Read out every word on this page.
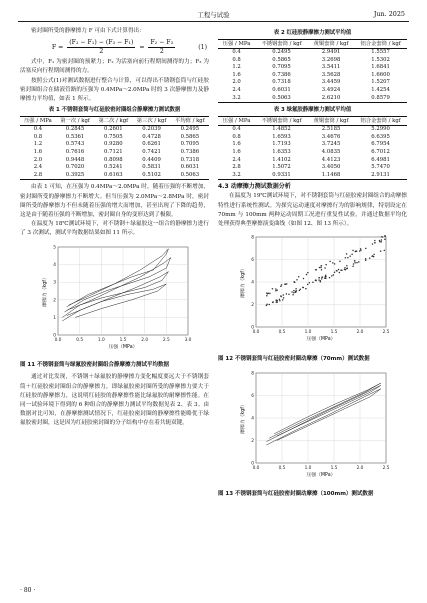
工程与试验	Jun. 2025

密封圈所受的静摩擦力 F 可由下式计算得出：

$F = \frac{\text{(F₂ − F₁) − (F₃ − F₁)}}{2} = \frac{\text{F₂ − F₃}}{2}$	(1)

式中，F₁ 为密封圈的预紧力；F₂ 为活塞向前行程期间测得的力；F₃ 为活塞反向行程期间测得的力。

按照公式(1)对测试数据进行整合与计算，可以得出不锈钢套筒与红硅胶密封圈组合在储液管路的压强为 0.4MPa～2.0MPa 时的 3 次静摩擦力及静摩擦力平均值，如表 1 所示。

表 1 不锈钢套筒与红硅胶密封圈组合静摩擦力测试数据
压强 / MPa	第一次 / kgf	第二次 / kgf	第三次 / kgf	平均值 / kgf
0.4	0.2845	0.2601	0.2039	0.2495
0.8	0.5361	0.7505	0.4728	0.5865
1.2	0.5743	0.9280	0.6261	0.7095
1.6	0.7616	0.7121	0.7421	0.7386
2.0	0.9448	0.8098	0.4409	0.7318
2.4	0.7020	0.5241	0.5831	0.6031
2.8	0.3925	0.6163	0.5102	0.5063

由表 1 可知，在压强为 0.4MPa～2.0MPa 时，随着压强的不断增加，密封圈所受的静摩擦力不断增大。但当压强为 2.0MPa～2.8MPa 时，密封圈所受的静摩擦力不但未随着压强的增大而增加，甚至出现了下降的趋势，这是由于随着压强的不断增加，密封圈自身的变形达到了极限。

在温度为 18℃测试环境下，对不锈钢＋绿氟胶这一组合的静摩擦力进行了 3 次测试，测试平均数据结果如图 11 所示。

0.0	0.5	1.0	1.5	2.0	2.5	3.0
0
1
2
3
4
5
压强（MPa）
摩擦力（kgf）
图 11 不锈钢套筒与绿氟胶密封圈组合静摩擦力测试平均数据

通过对比发现，不锈钢＋绿氟胶的静摩擦力变化幅度要远大于不锈钢套筒＋红硅胶密封圈组合的静摩擦力，即绿氟胶密封圈所受的静摩擦力要大于红硅胶的静摩擦力，这说明红硅胶的静摩擦性能比绿氟胶的耐摩擦性能。在同一试验环境下得到的 6 种组合的静摩擦力测试平均数据见表 2、表 3。由数据对比可知，在静摩擦测试情况下，红硅胶密封圈的静摩擦性能略优于绿氟胶密封圈，这是因为红硅胶密封圈的分子结构中存在着共轭双键。

表 2 红硅胶静摩擦力测试平均值
压强 / MPa	不锈钢套筒 / kgf	黄铜套筒 / kgf	铝合金套筒 / kgf
0.4	0.2495	2.9491	1.5557
0.8	0.5865	3.2698	1.5302
1.2	0.7095	3.5411	1.6841
1.6	0.7386	3.5628	1.6600
2.0	0.7318	3.4459	1.5207
2.4	0.6031	3.4924	1.4254
3.2	0.5063	2.6210	0.8579
表 3 绿氟胶静摩擦力测试平均值
压强 / MPa	不锈钢套筒 / kgf	黄铜套筒 / kgf	铝合金套筒 / kgf
0.4	1.4852	2.5185	5.2990
0.8	1.6593	3.4676	6.6395
1.6	1.7193	3.7245	6.7954
1.6	1.6353	4.0835	6.7012
2.4	1.4102	4.4123	6.4981
2.8	1.5072	3.4050	5.7470
3.2	0.9331	1.1468	2.9131
4.3 动摩擦力测试数据分析

在温度为 19℃测试环境下，对不锈钢套筒与红硅胶密封圈组合的动摩擦特性进行系统性测试。为探究运动速度对摩擦行为的影响规律，特别设定在 70mm 与 100mm 两种运动周期工况进行重复性试验，并通过数据平均化处理获得典型摩擦演变曲线（如图 12、图 13 所示）。

0.0	0.5	1.0	1.5	2.0	2.5
0
2
4
6
8
压强（MPa）
摩擦力（kgf）
图 12 不锈钢套筒与红硅胶密封圈动摩擦（70mm）测试数据
0.0	0.5	1.0	1.5	2.0	2.5
0
2
4
6
8
压强（MPa）
摩擦力（kgf）
图 13 不锈钢套筒与红硅胶密封圈动摩擦（100mm）测试数据
· 80 ·
